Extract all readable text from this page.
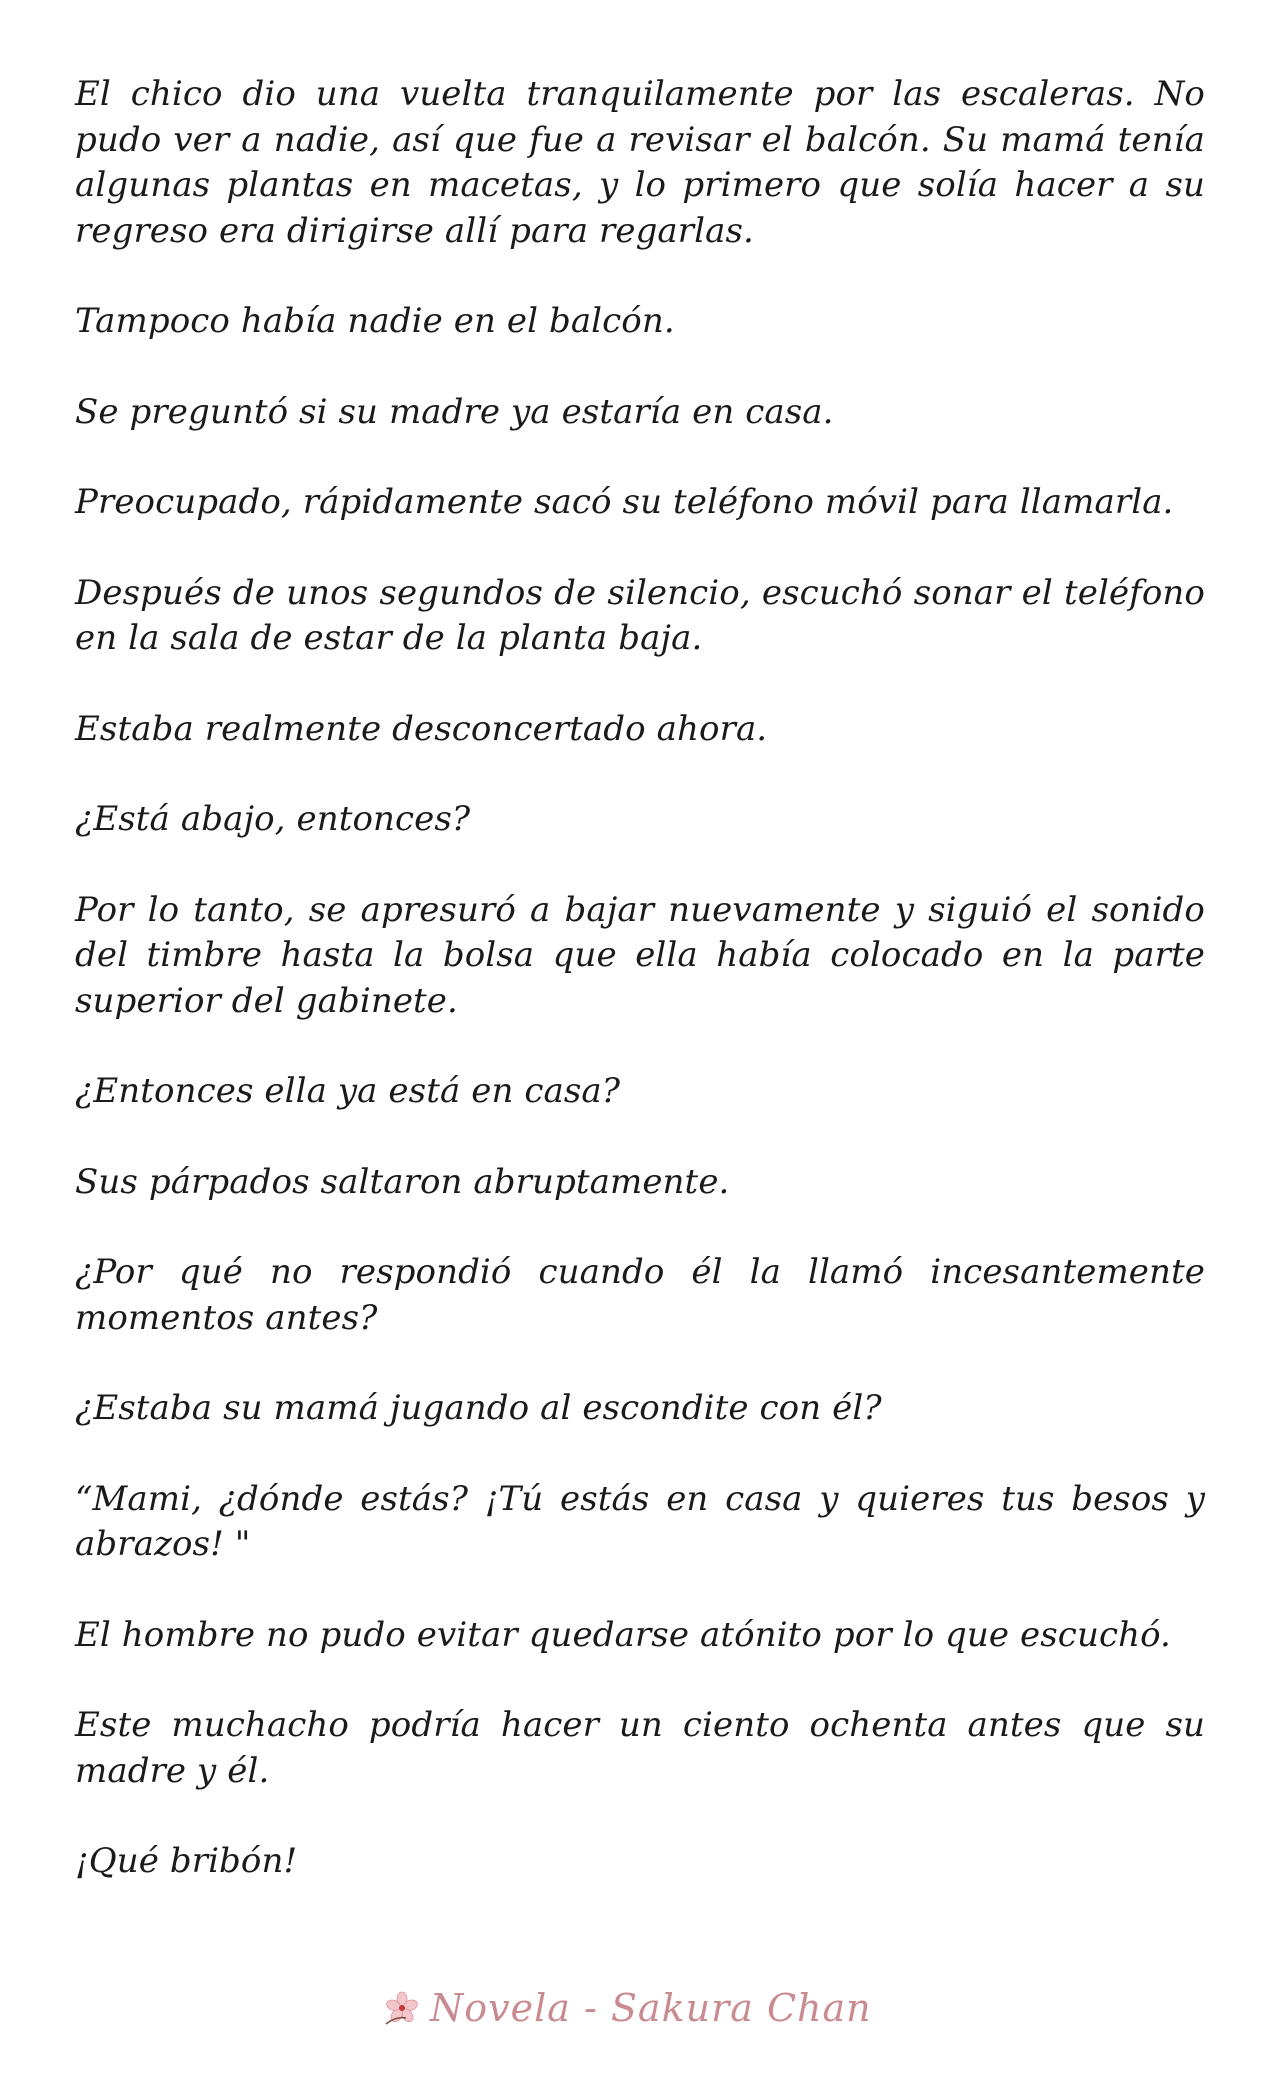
El chico dio una vuelta tranquilamente por las escaleras. No pudo ver a nadie, así que fue a revisar el balcón. Su mamá tenía algunas plantas en macetas, y lo primero que solía hacer a su regreso era dirigirse allí para regarlas.

Tampoco había nadie en el balcón.

Se preguntó si su madre ya estaría en casa.

Preocupado, rápidamente sacó su teléfono móvil para llamarla.

Después de unos segundos de silencio, escuchó sonar el teléfono en la sala de estar de la planta baja.

Estaba realmente desconcertado ahora.

¿Está abajo, entonces?

Por lo tanto, se apresuró a bajar nuevamente y siguió el sonido del timbre hasta la bolsa que ella había colocado en la parte superior del gabinete.

¿Entonces ella ya está en casa?

Sus párpados saltaron abruptamente.

¿Por qué no respondió cuando él la llamó incesantemente momentos antes?

¿Estaba su mamá jugando al escondite con él?

“Mami, ¿dónde estás? ¡Tú estás en casa y quieres tus besos y abrazos! "

El hombre no pudo evitar quedarse atónito por lo que escuchó.

Este muchacho podría hacer un ciento ochenta antes que su madre y él.

¡Qué bribón!

Novela - Sakura Chan
